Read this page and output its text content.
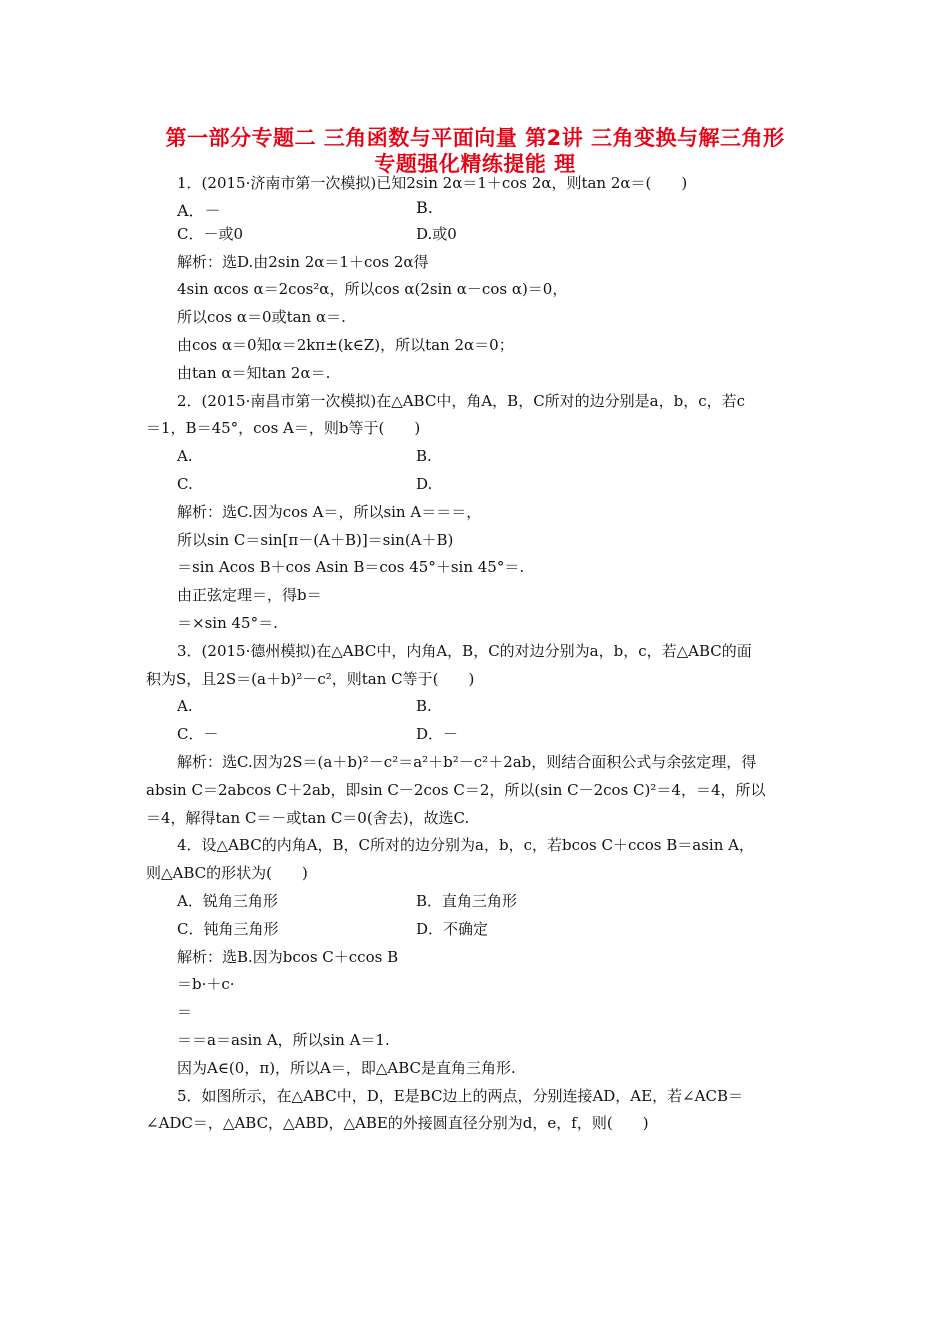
第一部分专题二 三角函数与平面向量 第2讲 三角变换与解三角形
专题强化精练提能 理
1．(2015·济南市第一次模拟)已知2sin 2α＝1＋cos 2α，则tan 2α＝(　　)
A．－	B.
C．－或0	D.或0
解析：选D.由2sin 2α＝1＋cos 2α得
4sin αcos α＝2cos²α，所以cos α(2sin α－cos α)＝0，
所以cos α＝0或tan α＝.
由cos α＝0知α＝2kπ±(k∈Z)，所以tan 2α＝0；
由tan α＝知tan 2α＝.
2．(2015·南昌市第一次模拟)在△ABC中，角A，B，C所对的边分别是a，b，c，若c
＝1，B＝45°，cos A＝，则b等于(　　)
A.	B.
C.	D.
解析：选C.因为cos A＝，所以sin A＝＝＝，
所以sin C＝sin[π－(A＋B)]＝sin(A＋B)
＝sin Acos B＋cos Asin B＝cos 45°＋sin 45°＝.
由正弦定理＝，得b＝
＝×sin 45°＝.
3．(2015·德州模拟)在△ABC中，内角A，B，C的对边分别为a，b，c，若△ABC的面
积为S，且2S＝(a＋b)²－c²，则tan C等于(　　)
A.	B.
C．－	D．－
解析：选C.因为2S＝(a＋b)²－c²＝a²＋b²－c²＋2ab，则结合面积公式与余弦定理，得
absin C＝2abcos C＋2ab，即sin C－2cos C＝2，所以(sin C－2cos C)²＝4，＝4，所以
＝4，解得tan C＝－或tan C＝0(舍去)，故选C.
4．设△ABC的内角A，B，C所对的边分别为a，b，c，若bcos C＋ccos B＝asin A，
则△ABC的形状为(　　)
A．锐角三角形	B．直角三角形
C．钝角三角形	D．不确定
解析：选B.因为bcos C＋ccos B
＝b·＋c·
＝
＝＝a＝asin A，所以sin A＝1.
因为A∈(0，π)，所以A＝，即△ABC是直角三角形.
5．如图所示，在△ABC中，D，E是BC边上的两点，分别连接AD，AE，若∠ACB＝
∠ADC＝，△ABC，△ABD，△ABE的外接圆直径分别为d，e，f，则(　　)
